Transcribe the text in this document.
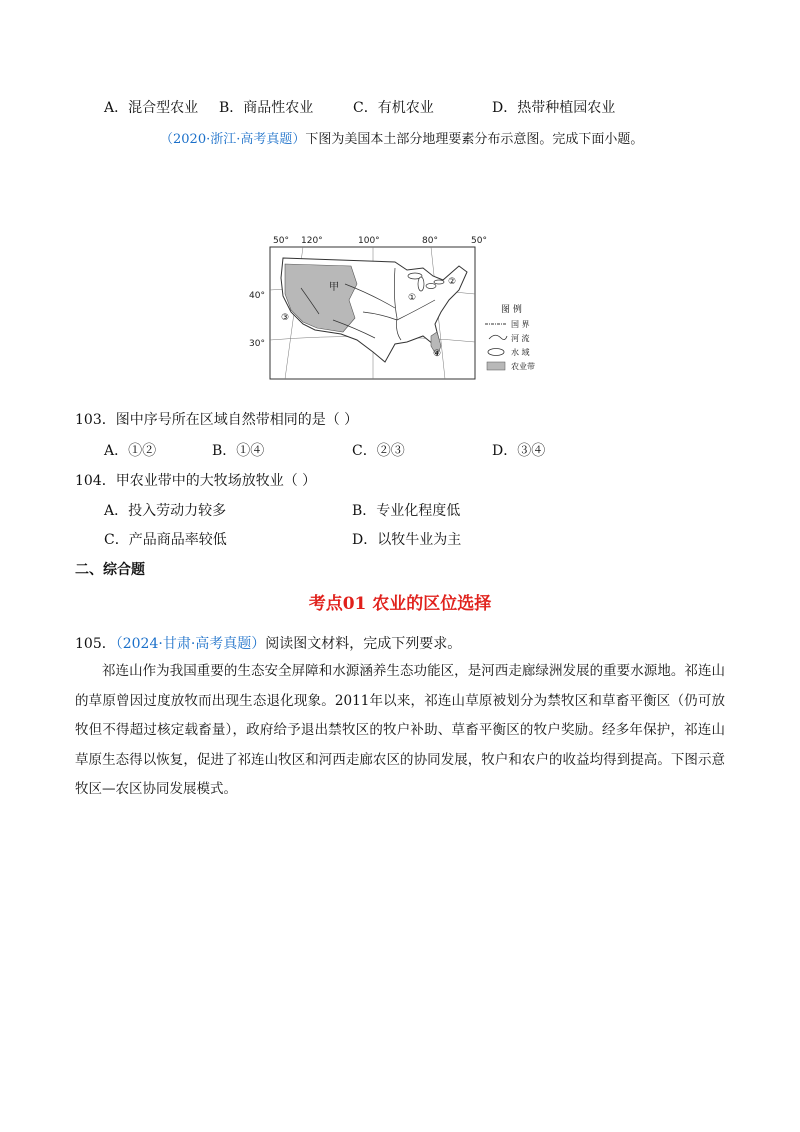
A．混合型农业 B．商品性农业	C．有机农业	D．热带种植园农业
（2020·浙江·高考真题）下图为美国本土部分地理要素分布示意图。完成下面小题。
50° 120°	100°	80°	50°
40°
30°
甲
①
②
③
④
图 例
国 界
河 流
水 域
农业带
103．图中序号所在区域自然带相同的是（ ）
A．①②	B．①④	C．②③	D．③④
104．甲农业带中的大牧场放牧业（ ）
A．投入劳动力较多	B．专业化程度低
C．产品商品率较低	D．以牧牛业为主
二、综合题
考点01 农业的区位选择
105．（2024·甘肃·高考真题）阅读图文材料，完成下列要求。
祁连山作为我国重要的生态安全屏障和水源涵养生态功能区，是河西走廊绿洲发展的重要水源地。祁连山的草原曾因过度放牧而出现生态退化现象。2011年以来，祁连山草原被划分为禁牧区和草畜平衡区（仍可放牧但不得超过核定载畜量），政府给予退出禁牧区的牧户补助、草畜平衡区的牧户奖励。经多年保护，祁连山草原生态得以恢复，促进了祁连山牧区和河西走廊农区的协同发展，牧户和农户的收益均得到提高。下图示意牧区—农区协同发展模式。
